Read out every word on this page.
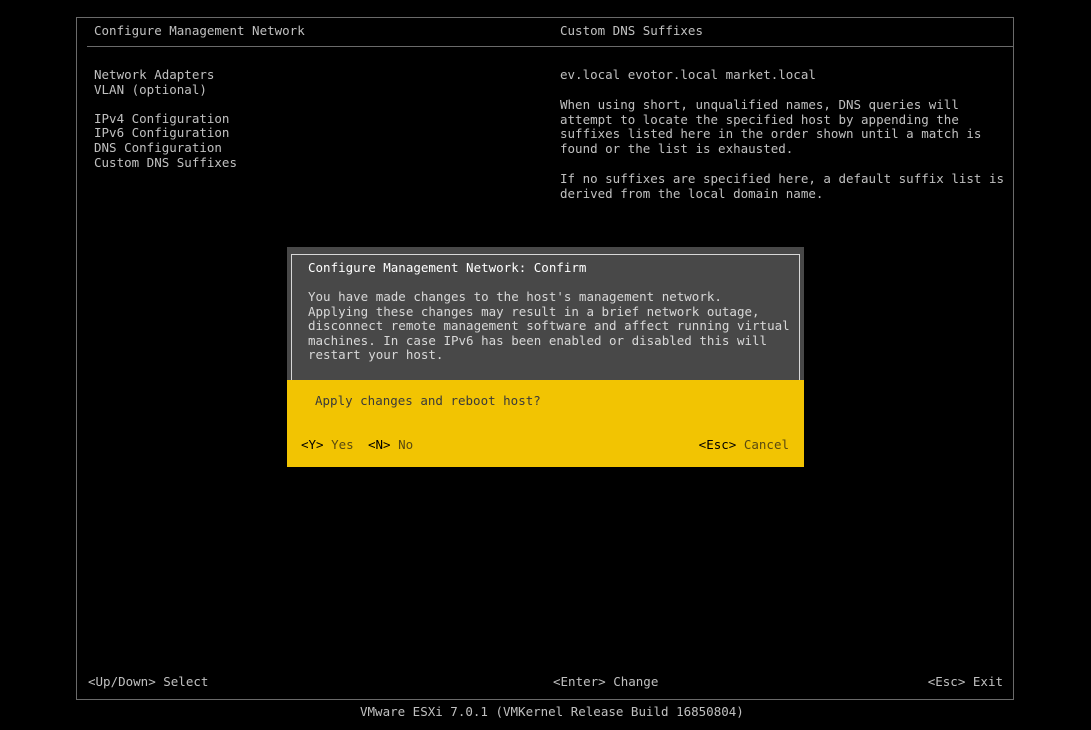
Configure Management Network	Custom DNS Suffixes
Network Adapters
VLAN (optional)
IPv4 Configuration
IPv6 Configuration
DNS Configuration
Custom DNS Suffixes
ev.local evotor.local market.local
When using short, unqualified names, DNS queries will
attempt to locate the specified host by appending the
suffixes listed here in the order shown until a match is
found or the list is exhausted.
If no suffixes are specified here, a default suffix list is
derived from the local domain name.
Configure Management Network: Confirm
You have made changes to the host's management network.
Applying these changes may result in a brief network outage,
disconnect remote management software and affect running virtual
machines. In case IPv6 has been enabled or disabled this will
restart your host.
Apply changes and reboot host?
<Y> Yes <N> No	<Esc> Cancel
<Up/Down> Select	<Enter> Change	<Esc> Exit
VMware ESXi 7.0.1 (VMKernel Release Build 16850804)
